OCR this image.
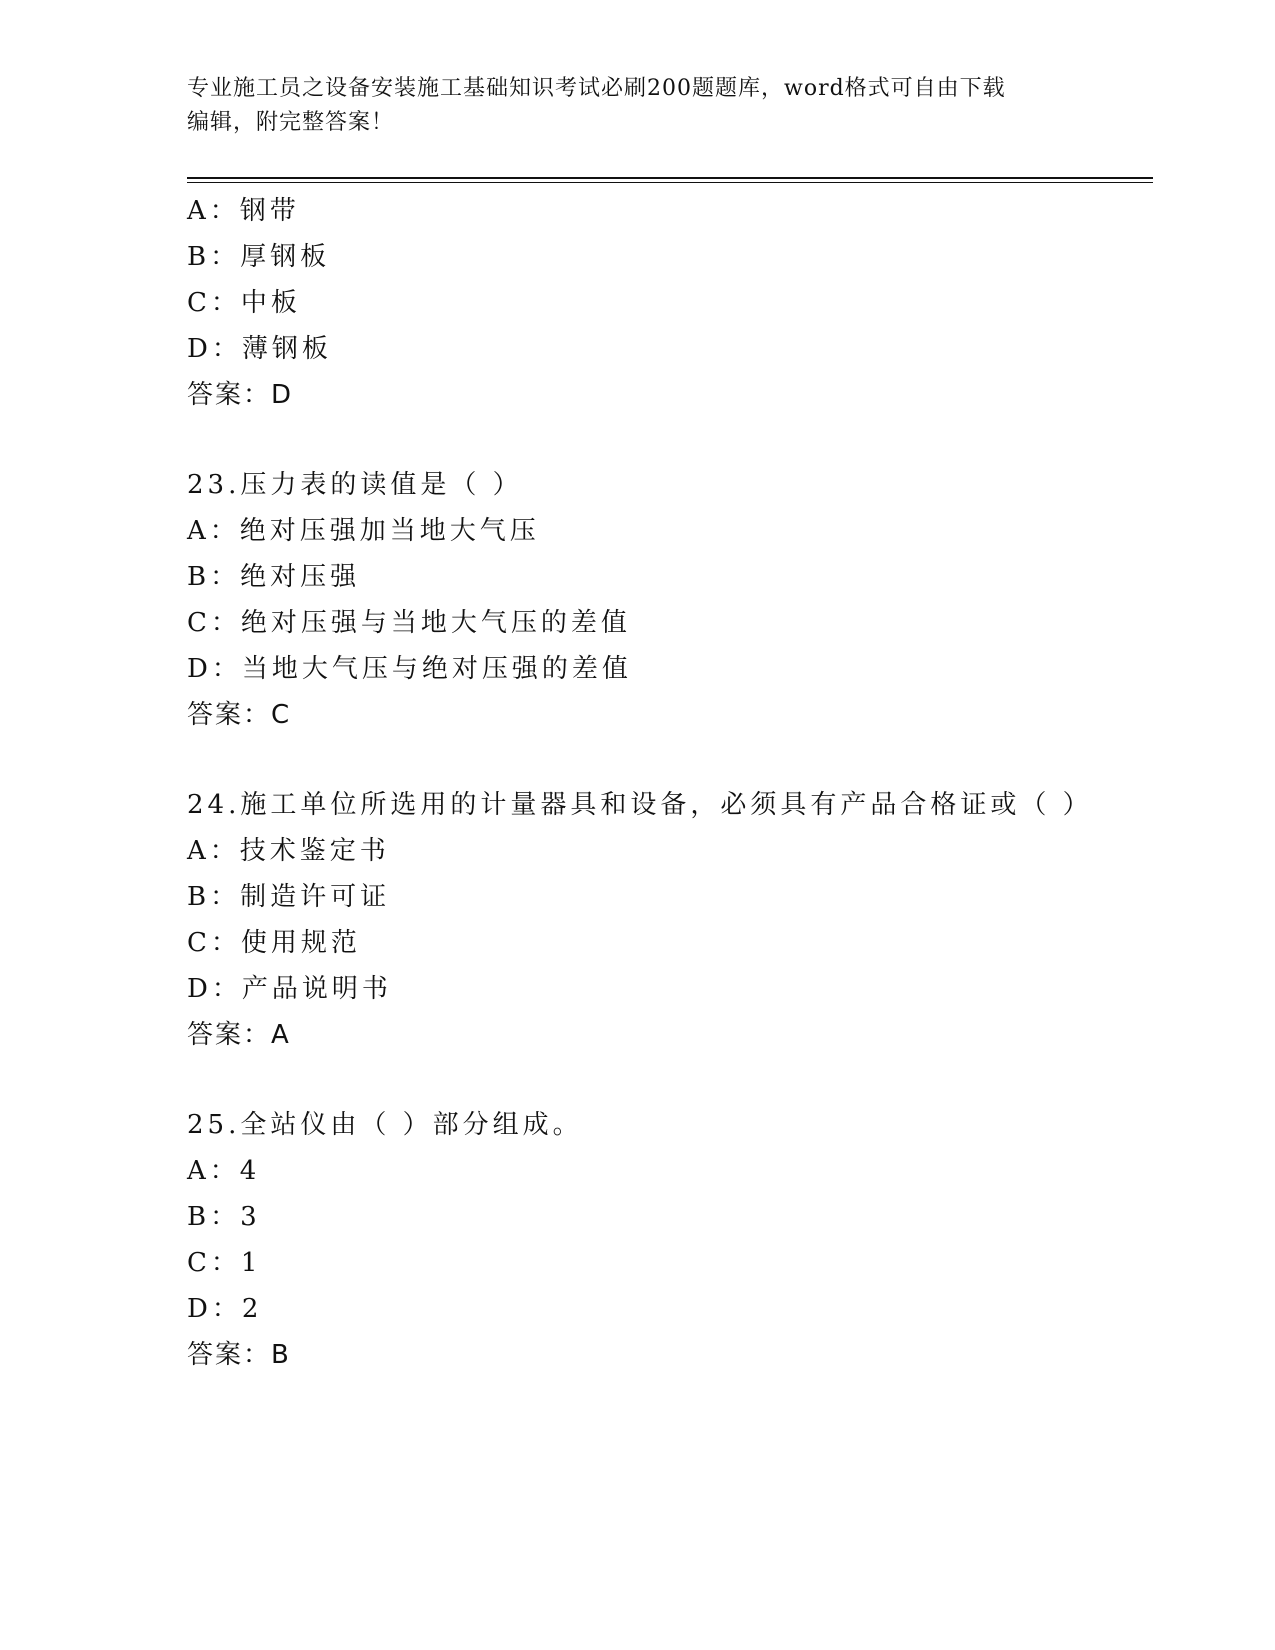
专业施工员之设备安装施工基础知识考试必刷200题题库，word格式可自由下载
编辑，附完整答案！
A：钢带
B：厚钢板
C：中板
D：薄钢板
答案：D
23.压力表的读值是（ ）
A：绝对压强加当地大气压
B：绝对压强
C：绝对压强与当地大气压的差值
D：当地大气压与绝对压强的差值
答案：C
24.施工单位所选用的计量器具和设备，必须具有产品合格证或（ ）
A：技术鉴定书
B：制造许可证
C：使用规范
D：产品说明书
答案：A
25.全站仪由（ ）部分组成。
A：4
B：3
C：1
D：2
答案：B
